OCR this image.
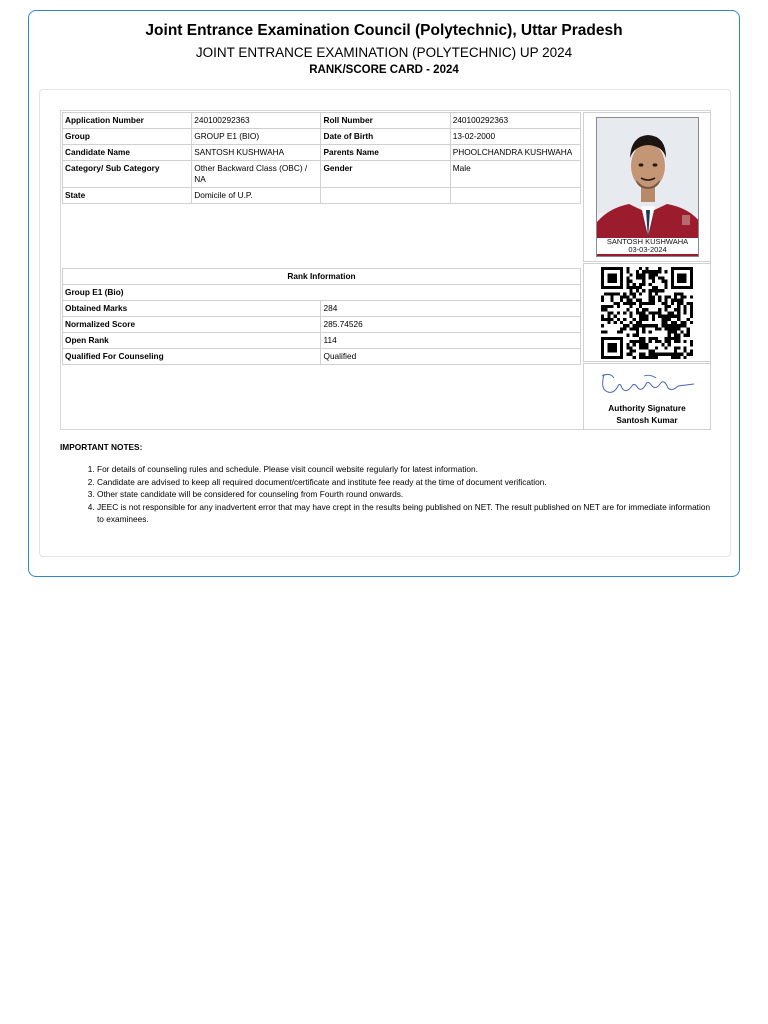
Joint Entrance Examination Council (Polytechnic), Uttar Pradesh
JOINT ENTRANCE EXAMINATION (POLYTECHNIC) UP 2024
RANK/SCORE CARD - 2024
Application Number	240100292363	Roll Number	240100292363
Group	GROUP E1 (BIO)	Date of Birth	13-02-2000
Candidate Name	SANTOSH KUSHWAHA	Parents Name	PHOOLCHANDRA KUSHWAHA
Category/ Sub Category	Other Backward Class (OBC) / NA	Gender	Male
State	Domicile of U.P.		
Rank Information	
Group E1 (Bio)	
Obtained Marks	284
Normalized Score	285.74526
Open Rank	114
Qualified For Counseling	Qualified
SANTOSH KUSHWAHA
03-03-2024
Authority Signature
Santosh Kumar
IMPORTANT NOTES:
1. For details of counseling rules and schedule. Please visit council website regularly for latest information.
2. Candidate are advised to keep all required document/certificate and institute fee ready at the time of document verification.
3. Other state candidate will be considered for counseling from Fourth round onwards.
4. JEEC is not responsible for any inadvertent error that may have crept in the results being published on NET. The result published on NET are for immediate information to examinees.
